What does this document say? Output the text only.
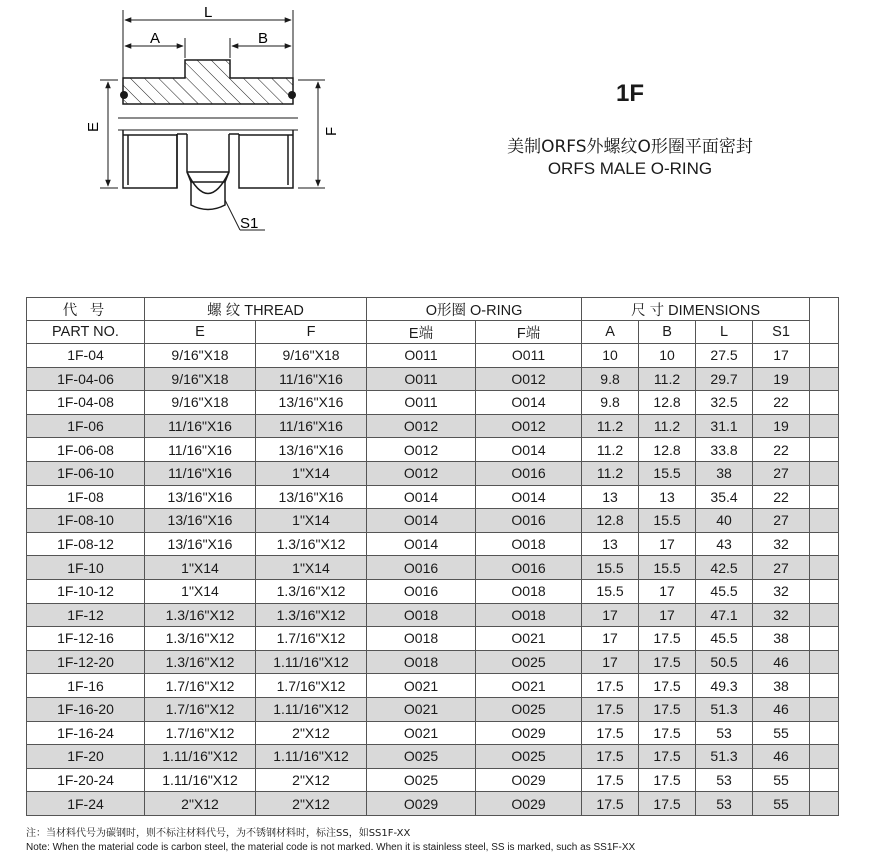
L
A	B
E	F
S1
1F
美制ORFS外螺纹O形圈平面密封
ORFS MALE O-RING
代 号	螺 纹 THREAD		O形圈 O-RING		尺 寸 DIMENSIONS				
PART NO.	E	F	E端	F端	A	B	L	S1	
1F-04	9/16"X18	9/16"X18	O011	O011	10	10	27.5	17	
1F-04-06	9/16"X18	11/16"X16	O011	O012	9.8	11.2	29.7	19	
1F-04-08	9/16"X18	13/16"X16	O011	O014	9.8	12.8	32.5	22	
1F-06	11/16"X16	11/16"X16	O012	O012	11.2	11.2	31.1	19	
1F-06-08	11/16"X16	13/16"X16	O012	O014	11.2	12.8	33.8	22	
1F-06-10	11/16"X16	1"X14	O012	O016	11.2	15.5	38	27	
1F-08	13/16"X16	13/16"X16	O014	O014	13	13	35.4	22	
1F-08-10	13/16"X16	1"X14	O014	O016	12.8	15.5	40	27	
1F-08-12	13/16"X16	1.3/16"X12	O014	O018	13	17	43	32	
1F-10	1"X14	1"X14	O016	O016	15.5	15.5	42.5	27	
1F-10-12	1"X14	1.3/16"X12	O016	O018	15.5	17	45.5	32	
1F-12	1.3/16"X12	1.3/16"X12	O018	O018	17	17	47.1	32	
1F-12-16	1.3/16"X12	1.7/16"X12	O018	O021	17	17.5	45.5	38	
1F-12-20	1.3/16"X12	1.11/16"X12	O018	O025	17	17.5	50.5	46	
1F-16	1.7/16"X12	1.7/16"X12	O021	O021	17.5	17.5	49.3	38	
1F-16-20	1.7/16"X12	1.11/16"X12	O021	O025	17.5	17.5	51.3	46	
1F-16-24	1.7/16"X12	2"X12	O021	O029	17.5	17.5	53	55	
1F-20	1.11/16"X12	1.11/16"X12	O025	O025	17.5	17.5	51.3	46	
1F-20-24	1.11/16"X12	2"X12	O025	O029	17.5	17.5	53	55	
1F-24	2"X12	2"X12	O029	O029	17.5	17.5	53	55	
注：当材料代号为碳钢时，则不标注材料代号，为不锈钢材料时，标注SS，如SS1F-XX
Note: When the material code is carbon steel, the material code is not marked. When it is stainless steel, SS is marked, such as SS1F-XX
